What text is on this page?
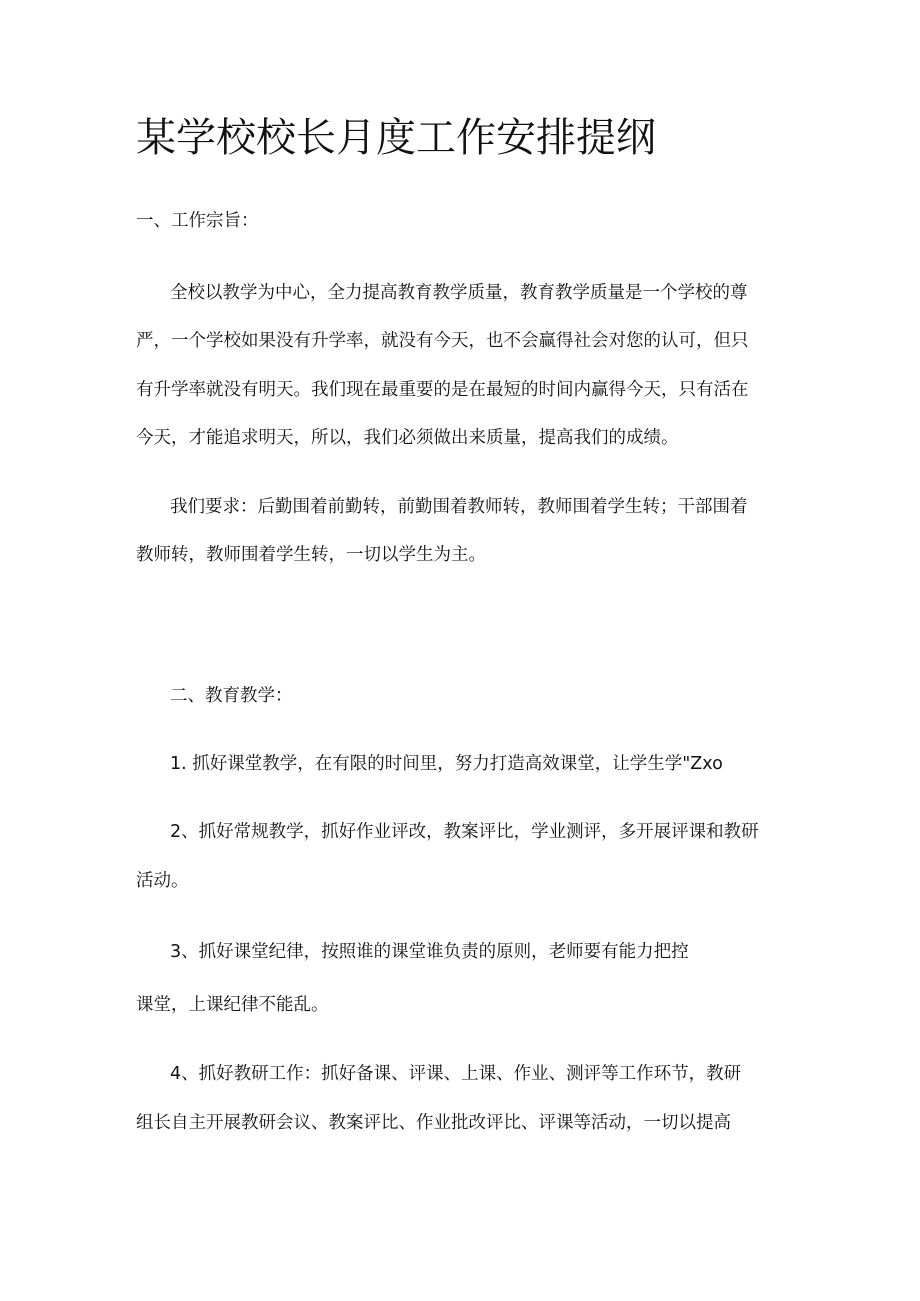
某学校校长月度工作安排提纲

一、工作宗旨：

全校以教学为中心，全力提高教育教学质量，教育教学质量是一个学校的尊

严，一个学校如果没有升学率，就没有今天，也不会赢得社会对您的认可，但只

有升学率就没有明天。我们现在最重要的是在最短的时间内赢得今天，只有活在

今天，才能追求明天，所以，我们必须做出来质量，提高我们的成绩。

我们要求：后勤围着前勤转，前勤围着教师转，教师围着学生转；干部围着

教师转，教师围着学生转，一切以学生为主。

二、教育教学：

1. 抓好课堂教学，在有限的时间里，努力打造高效课堂，让学生学"Zxo

2、抓好常规教学，抓好作业评改，教案评比，学业测评，多开展评课和教研

活动。

3、抓好课堂纪律，按照谁的课堂谁负责的原则，老师要有能力把控

课堂，上课纪律不能乱。

4、抓好教研工作：抓好备课、评课、上课、作业、测评等工作环节，教研

组长自主开展教研会议、教案评比、作业批改评比、评课等活动，一切以提高
